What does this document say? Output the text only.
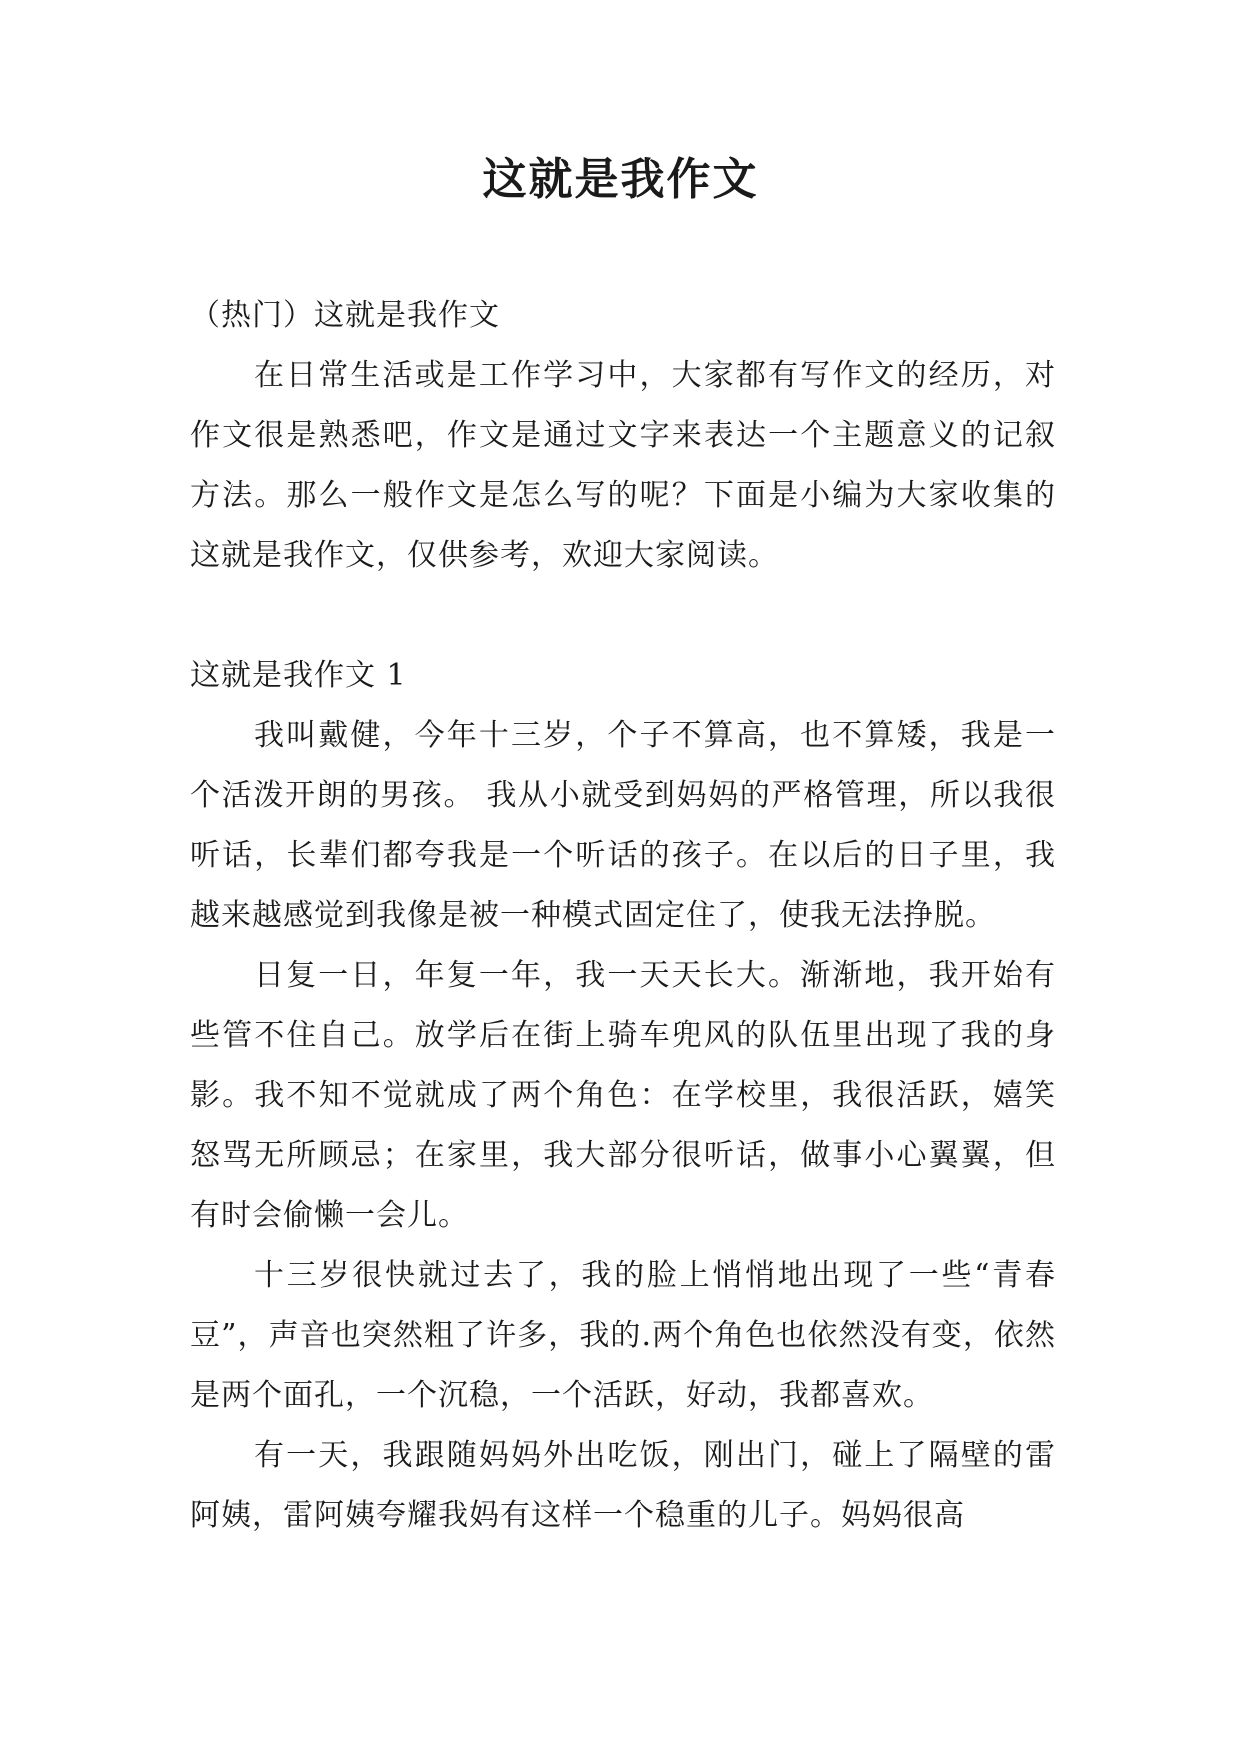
这就是我作文

（热门）这就是我作文

在日常生活或是工作学习中，大家都有写作文的经历，对作文很是熟悉吧，作文是通过文字来表达一个主题意义的记叙方法。那么一般作文是怎么写的呢？下面是小编为大家收集的这就是我作文，仅供参考，欢迎大家阅读。

这就是我作文 1

我叫戴健，今年十三岁，个子不算高，也不算矮，我是一个活泼开朗的男孩。 我从小就受到妈妈的严格管理，所以我很听话，长辈们都夸我是一个听话的孩子。在以后的日子里，我越来越感觉到我像是被一种模式固定住了，使我无法挣脱。

日复一日，年复一年，我一天天长大。渐渐地，我开始有些管不住自己。放学后在街上骑车兜风的队伍里出现了我的身影。我不知不觉就成了两个角色：在学校里，我很活跃，嬉笑怒骂无所顾忌；在家里，我大部分很听话，做事小心翼翼，但有时会偷懒一会儿。

十三岁很快就过去了，我的脸上悄悄地出现了一些“青春豆”，声音也突然粗了许多，我的.两个角色也依然没有变，依然是两个面孔，一个沉稳，一个活跃，好动，我都喜欢。

有一天，我跟随妈妈外出吃饭，刚出门，碰上了隔壁的雷阿姨，雷阿姨夸耀我妈有这样一个稳重的儿子。妈妈很高
